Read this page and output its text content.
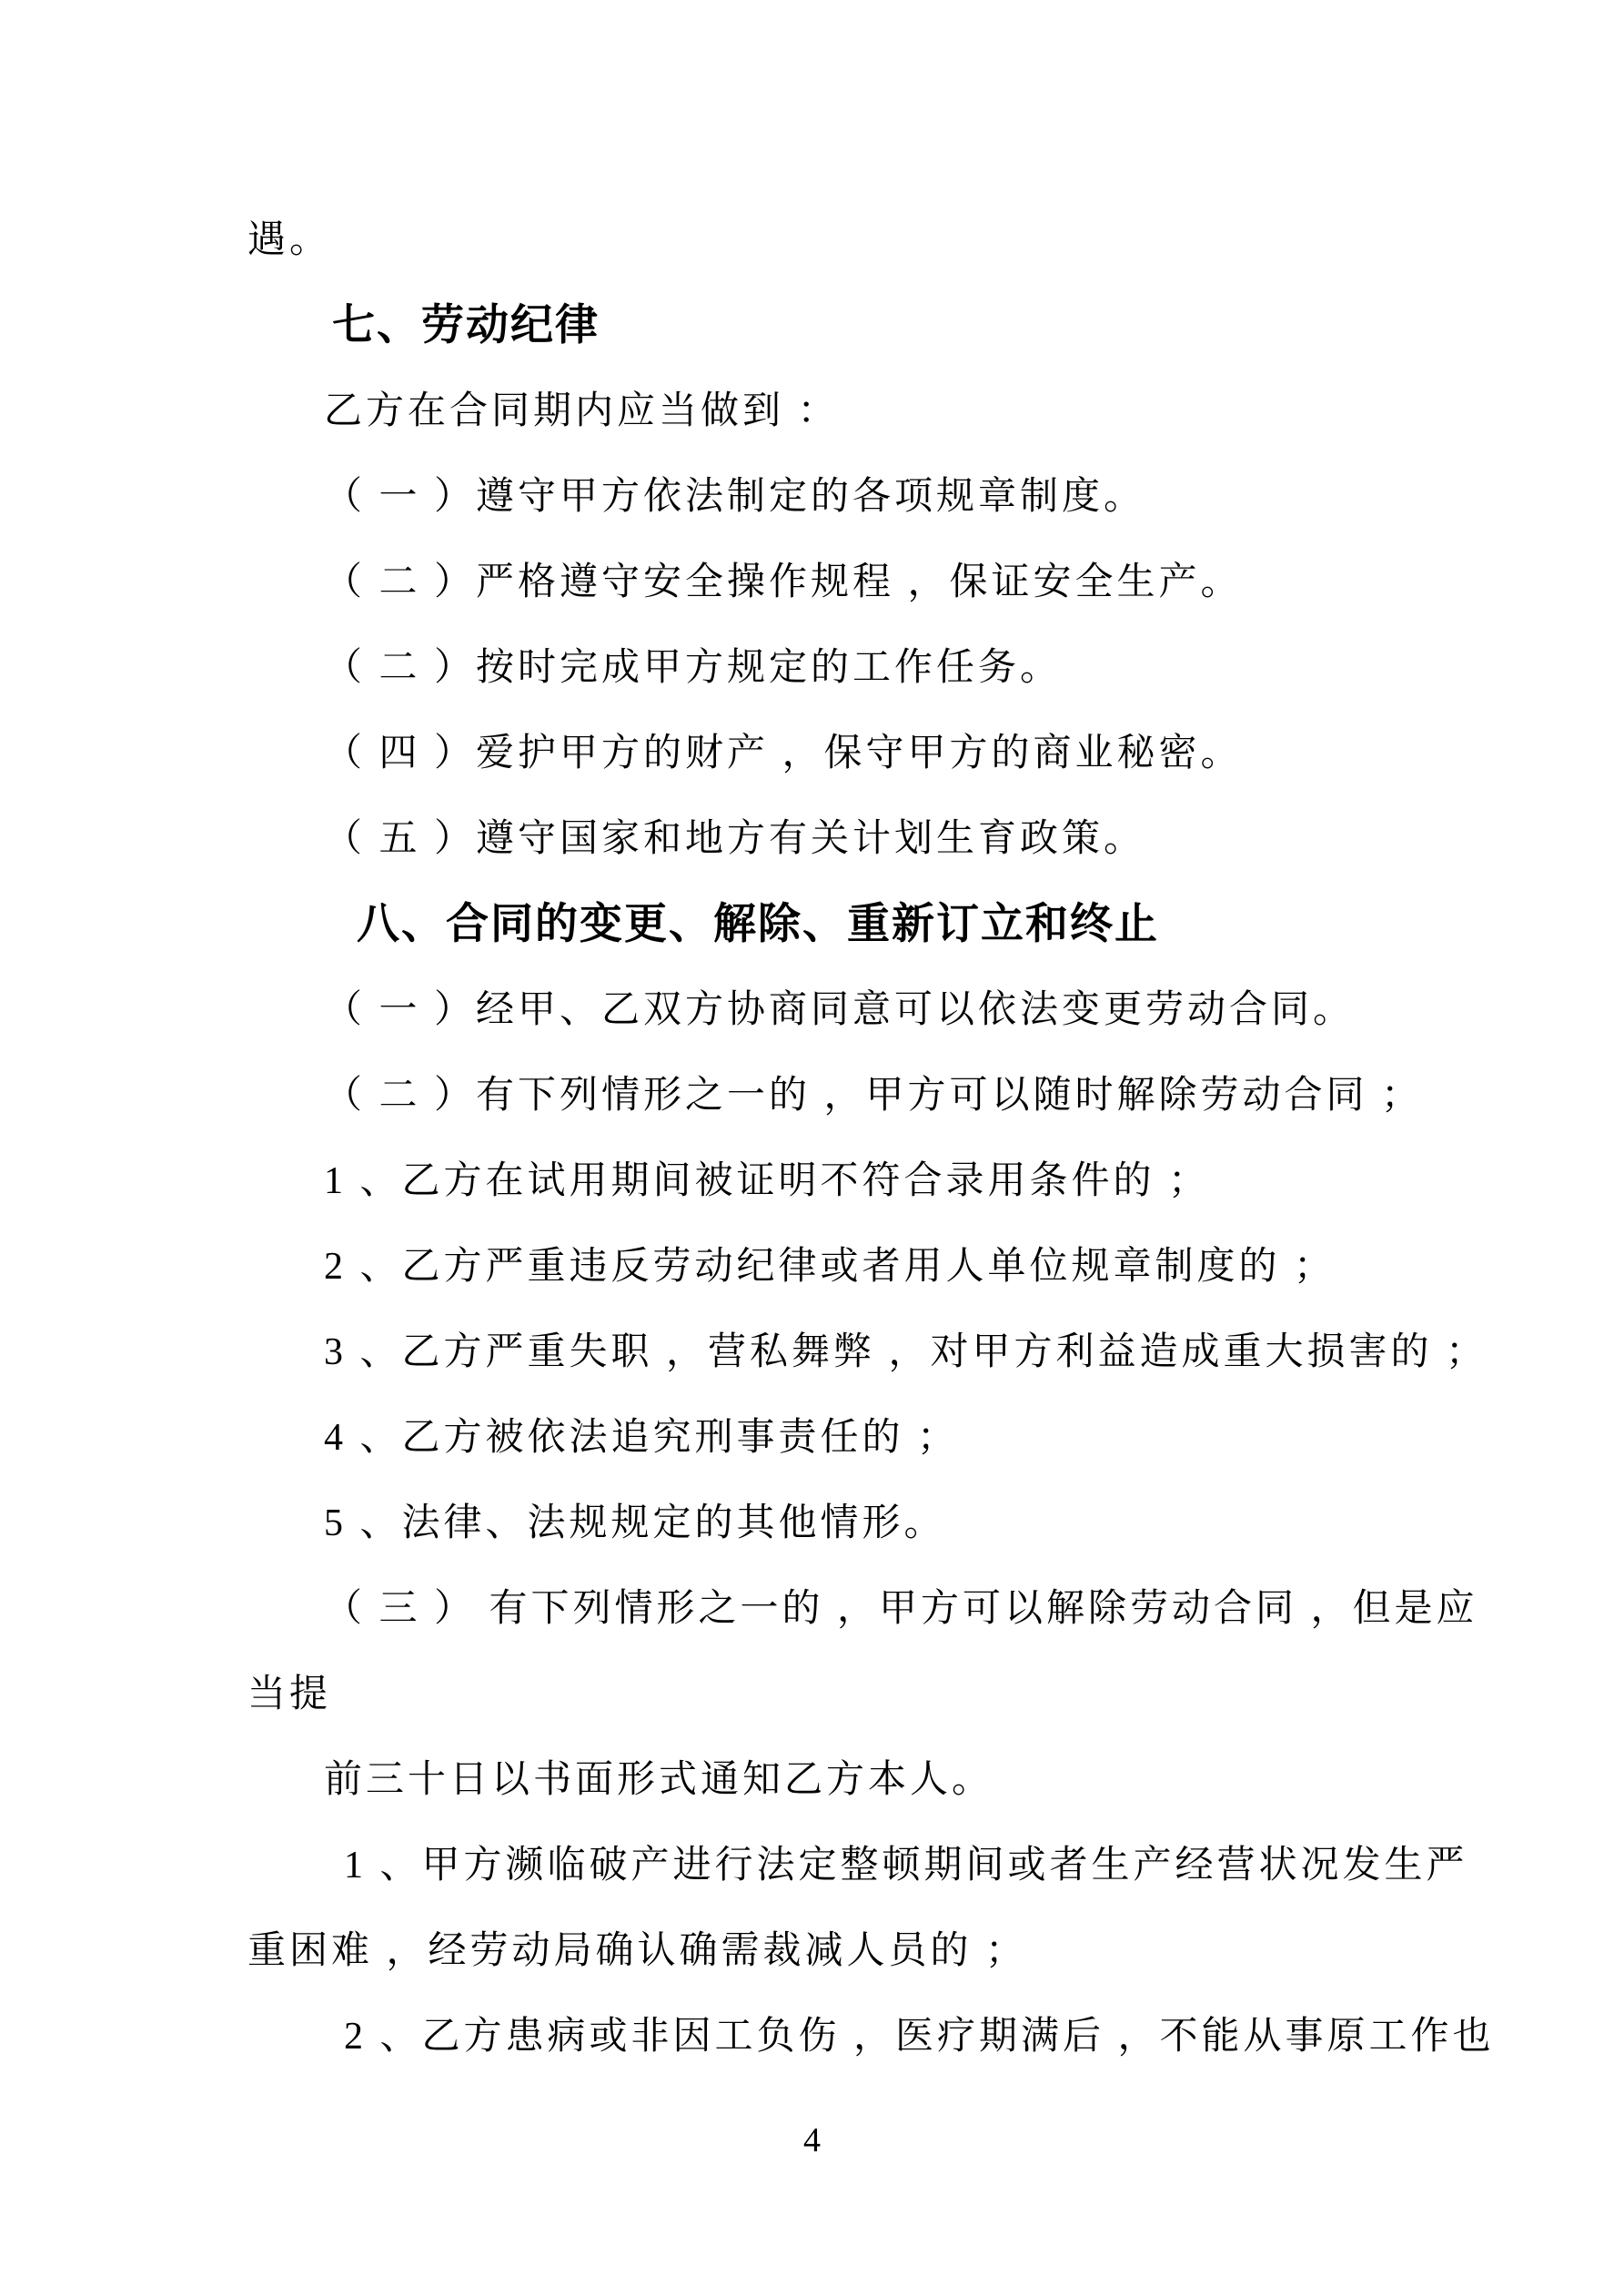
遇。
七、劳动纪律
乙方在合同期内应当做到 ：
（ 一 ）遵守甲方依法制定的各项规章制度。
（ 二 ）严格遵守安全操作规程 ，保证安全生产。
（ 二 ）按时完成甲方规定的工作任务。
（ 四 ）爱护甲方的财产 ，保守甲方的商业秘密。
（ 五 ）遵守国家和地方有关计划生育政策。
八、合同的变更、解除、重新订立和终止
（ 一 ）经甲、乙双方协商同意可以依法变更劳动合同。
（ 二 ）有下列情形之一的 ，甲方可以随时解除劳动合同 ；
1 、乙方在试用期间被证明不符合录用条件的 ；
2 、乙方严重违反劳动纪律或者用人单位规章制度的 ；
3 、乙方严重失职 ，营私舞弊 ，对甲方利益造成重大损害的 ；
4 、乙方被依法追究刑事责任的 ；
5 、法律、法规规定的其他情形。
（ 三 ） 有下列情形之一的 ，甲方可以解除劳动合同 ，但是应
当提
前三十日以书面形式通知乙方本人。
1 、甲方濒临破产进行法定整顿期间或者生产经营状况发生严
重困难 ，经劳动局确认确需裁减人员的 ；
2 、乙方患病或非因工负伤 ，医疗期满后 ，不能从事原工作也
4
